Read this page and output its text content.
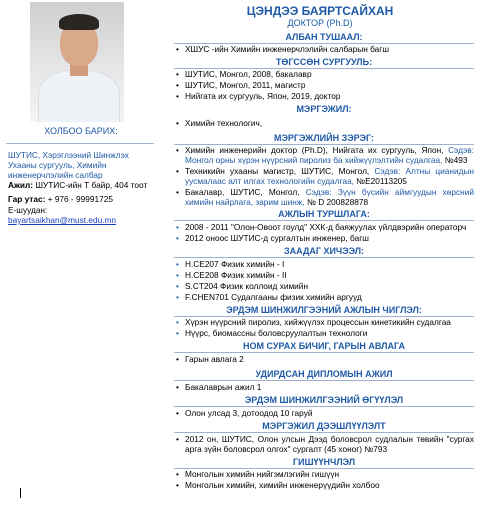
ХОЛБОО БАРИХ:
ШУТИС, Хэрэглээний Шинжлэх Ухааны сургууль, Химийн инженерчлэлийн салбар
Ажил: ШУТИС-ийн Т байр, 404 тоот
Гар утас: + 976 - 99991725
E-шуудан:
bayartsaikhan@must.edu.mn
ЦЭНДЭЭ БАЯРТСАЙХАН
ДОКТОР (Ph.D)
АЛБАН ТУШААЛ:
• ХШУС -ийн Химийн инженерчлэлийн салбарын багш
ТӨГССӨН СУРГУУЛЬ:
• ШУТИС, Монгол, 2008, бакалавр
• ШУТИС, Монгол, 2011, магистр
• Нийгата их сургууль, Япон, 2019, доктор
МЭРГЭЖИЛ:
• Химийн технологич,
МЭРГЭЖЛИЙН ЗЭРЭГ:
• Химийн инженерийн доктор (Ph.D), Нийгата их сургууль, Япон, Сэдэв: Монгол орны хүрэн нүүрсний пиролиз ба хийжүүлэлтийн судалгаа, №493
• Техникийн ухааны магистр, ШУТИС, Монгол, Сэдэв: Алтны цианидын уусмалаас алт илгах технологийн судалгаа, №E20113205
• Бакалавр, ШУТИС, Монгол, Сэдэв: Зүүн бүсийн аймгуудын хөрсний химийн найрлага, зарим шинж, № D 200828878
АЖЛЫН ТУРШЛАГА:
• 2008 - 2011 "Олон-Овоот гоулд" ХХК-д баяжуулах үйлдвэрийн операторч
• 2012 оноос ШУТИС-д сургалтын инженер, багш
ЗААДАГ ХИЧЭЭЛ:
• H.CE207 Физик химийн - I
• H.CE208 Физик химийн - II
• S.CT204 Физик коллоид химийн
• F.CHEN701 Судалгааны физик химийн аргууд
ЭРДЭМ ШИНЖИЛГЭЭНИЙ АЖЛЫН ЧИГЛЭЛ:
• Хүрэн нүүрсний пиролиз, хийжүүлэх процессын кинетикийн судалгаа
• Нүүрс, биомассны боловсруулалтын технологи
НОМ СУРАХ БИЧИГ, ГАРЫН АВЛАГА
• Гарын авлага 2
УДИРДСАН ДИПЛОМЫН АЖИЛ
• Бакалаврын ажил 1
ЭРДЭМ ШИНЖИЛГЭЭНИЙ ӨГҮҮЛЭЛ
• Олон улсад 3, дотоодод 10 гаруй
МЭРГЭЖИЛ ДЭЭШЛҮҮЛЭЛТ
• 2012 он, ШУТИС, Олон улсын Дээд боловсрол судлалын төвийн "сургах арга зүйн боловсрол олгох" сургалт (45 хоног) №793
ГИШҮҮНЧЛЭЛ
• Монголын химийн нийгэмлэгийн гишүүн
• Монголын химийн, химийн инженерүүдийн холбоо
